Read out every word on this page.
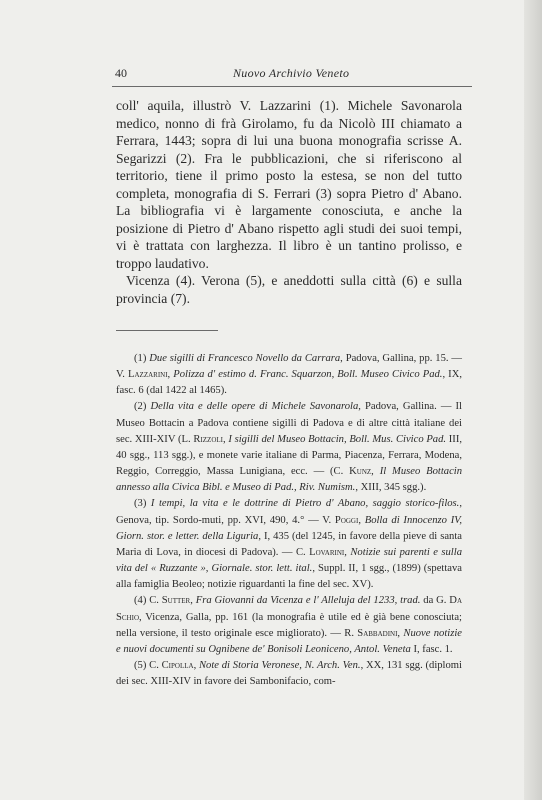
40	Nuovo Archivio Veneto

coll' aquila, illustrò V. Lazzarini (1). Michele Savonarola medico, nonno di frà Girolamo, fu da Nicolò III chiamato a Ferrara, 1443; sopra di lui una buona monografia scrisse A. Segarizzi (2). Fra le pubblicazioni, che si riferiscono al territorio, tiene il primo posto la estesa, se non del tutto completa, monografia di S. Ferrari (3) sopra Pietro d' Abano. La bibliografia vi è largamente conosciuta, e anche la posizione di Pietro d' Abano rispetto agli studi dei suoi tempi, vi è trattata con larghezza. Il libro è un tantino prolisso, e troppo laudativo.

Vicenza (4). Verona (5), e aneddotti sulla città (6) e sulla provincia (7).

(1) Due sigilli di Francesco Novello da Carrara, Padova, Gallina, pp. 15. — V. Lazzarini, Polizza d' estimo d. Franc. Squarzon, Boll. Museo Civico Pad., IX, fasc. 6 (dal 1422 al 1465).

(2) Della vita e delle opere di Michele Savonarola, Padova, Gallina. — Il Museo Bottacin a Padova contiene sigilli di Padova e di altre città italiane dei sec. XIII-XIV (L. Rizzoli, I sigilli del Museo Bottacin, Boll. Mus. Civico Pad. III, 40 sgg., 113 sgg.), e monete varie italiane di Parma, Piacenza, Ferrara, Modena, Reggio, Correggio, Massa Lunigiana, ecc. — (C. Kunz, Il Museo Bottacin annesso alla Civica Bibl. e Museo di Pad., Riv. Numism., XIII, 345 sgg.).

(3) I tempi, la vita e le dottrine di Pietro d' Abano, saggio storico-filos., Genova, tip. Sordo-muti, pp. XVI, 490, 4.° — V. Poggi, Bolla di Innocenzo IV, Giorn. stor. e letter. della Liguria, I, 435 (del 1245, in favore della pieve di santa Maria di Lova, in diocesi di Padova). — C. Lovarini, Notizie sui parenti e sulla vita del « Ruzzante », Giornale. stor. lett. ital., Suppl. II, 1 sgg., (1899) (spettava alla famiglia Beoleo; notizie riguardanti la fine del sec. XV).

(4) C. Sutter, Fra Giovanni da Vicenza e l' Alleluja del 1233, trad. da G. Da Schio, Vicenza, Galla, pp. 161 (la monografia è utile ed è già bene conosciuta; nella versione, il testo originale esce migliorato). — R. Sabbadini, Nuove notizie e nuovi documenti su Ognibene de' Bonisoli Leoniceno, Antol. Veneta I, fasc. 1.

(5) C. Cipolla, Note di Storia Veronese, N. Arch. Ven., XX, 131 sgg. (diplomi dei sec. XIII-XIV in favore dei Sambonifacio, com-
